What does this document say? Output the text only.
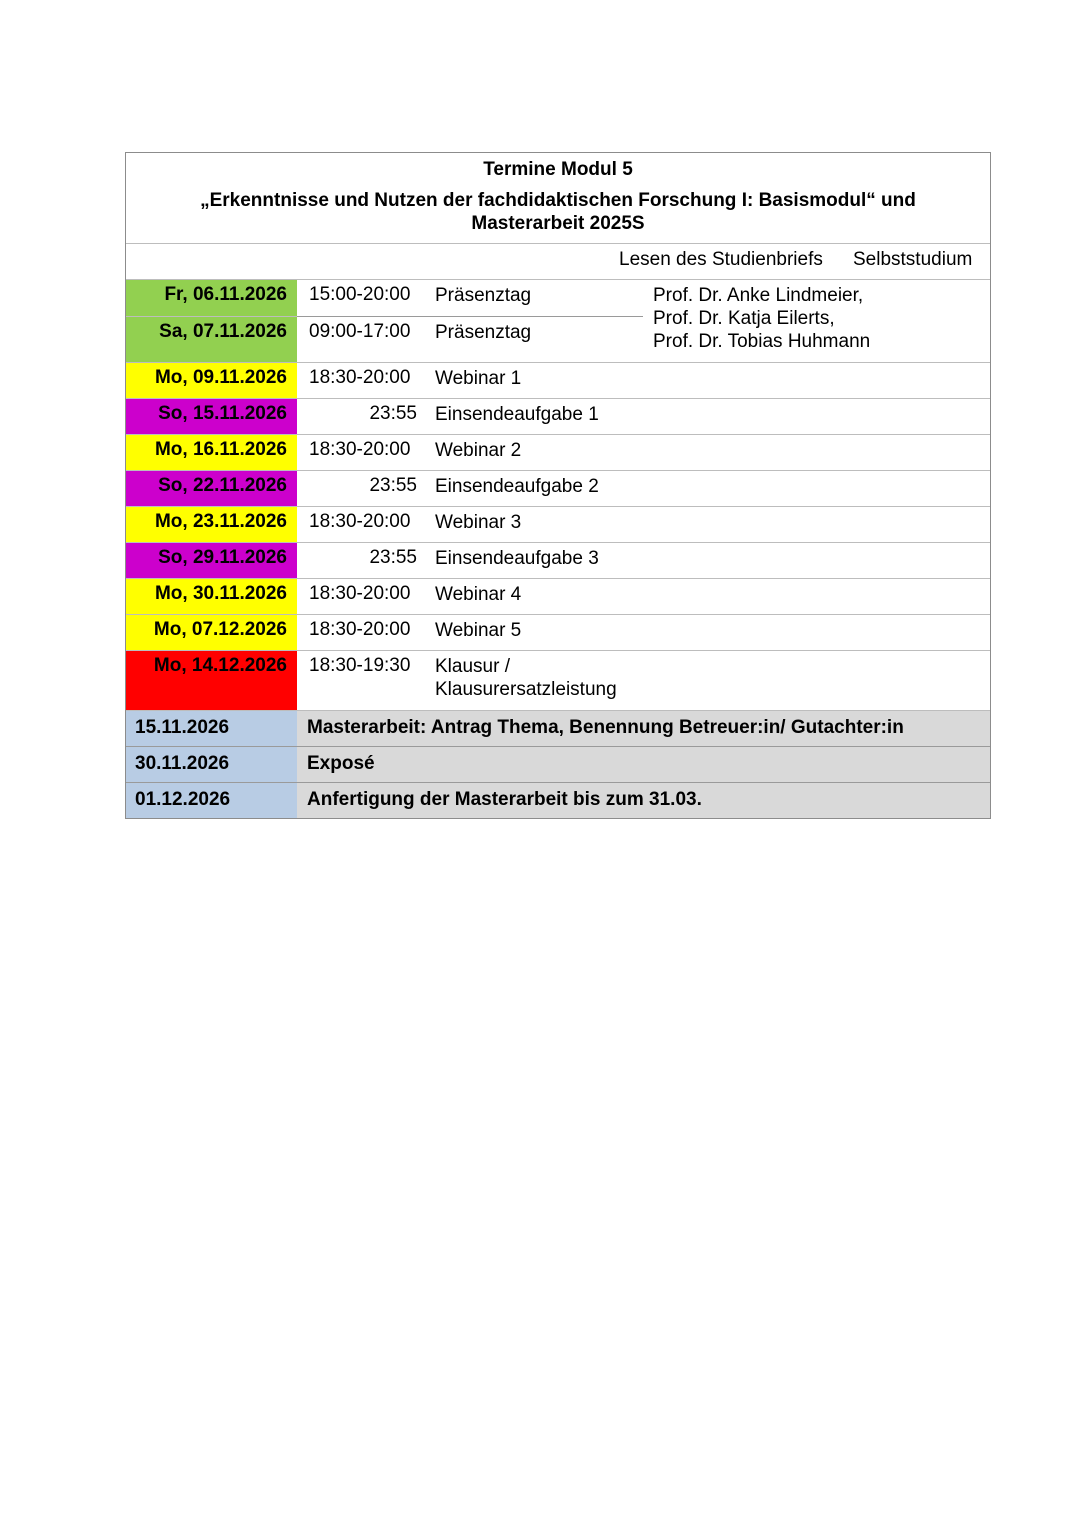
Termine Modul 5
„Erkenntnisse und Nutzen der fachdidaktischen Forschung I: Basismodul“ und
Masterarbeit 2025S
Lesen des Studienbriefs Selbststudium
Fr, 06.11.2026	15:00-20:00	Präsenztag	Prof. Dr. Anke Lindmeier,
Prof. Dr. Katja Eilerts,
Prof. Dr. Tobias Huhmann

Sa, 07.11.2026	09:00-17:00	Präsenztag	
Mo, 09.11.2026	18:30-20:00	Webinar 1	
So, 15.11.2026	23:55	Einsendeaufgabe 1	
Mo, 16.11.2026	18:30-20:00	Webinar 2	
So, 22.11.2026	23:55	Einsendeaufgabe 2	
Mo, 23.11.2026	18:30-20:00	Webinar 3	
So, 29.11.2026	23:55	Einsendeaufgabe 3	
Mo, 30.11.2026	18:30-20:00	Webinar 4	
Mo, 07.12.2026	18:30-20:00	Webinar 5	
Mo, 14.12.2026	18:30-19:30	Klausur /
Klausurersatzleistung	

15.11.2026	Masterarbeit: Antrag Thema, Benennung Betreuer:in/ Gutachter:in		
30.11.2026	Exposé		
01.12.2026	Anfertigung der Masterarbeit bis zum 31.03.		
